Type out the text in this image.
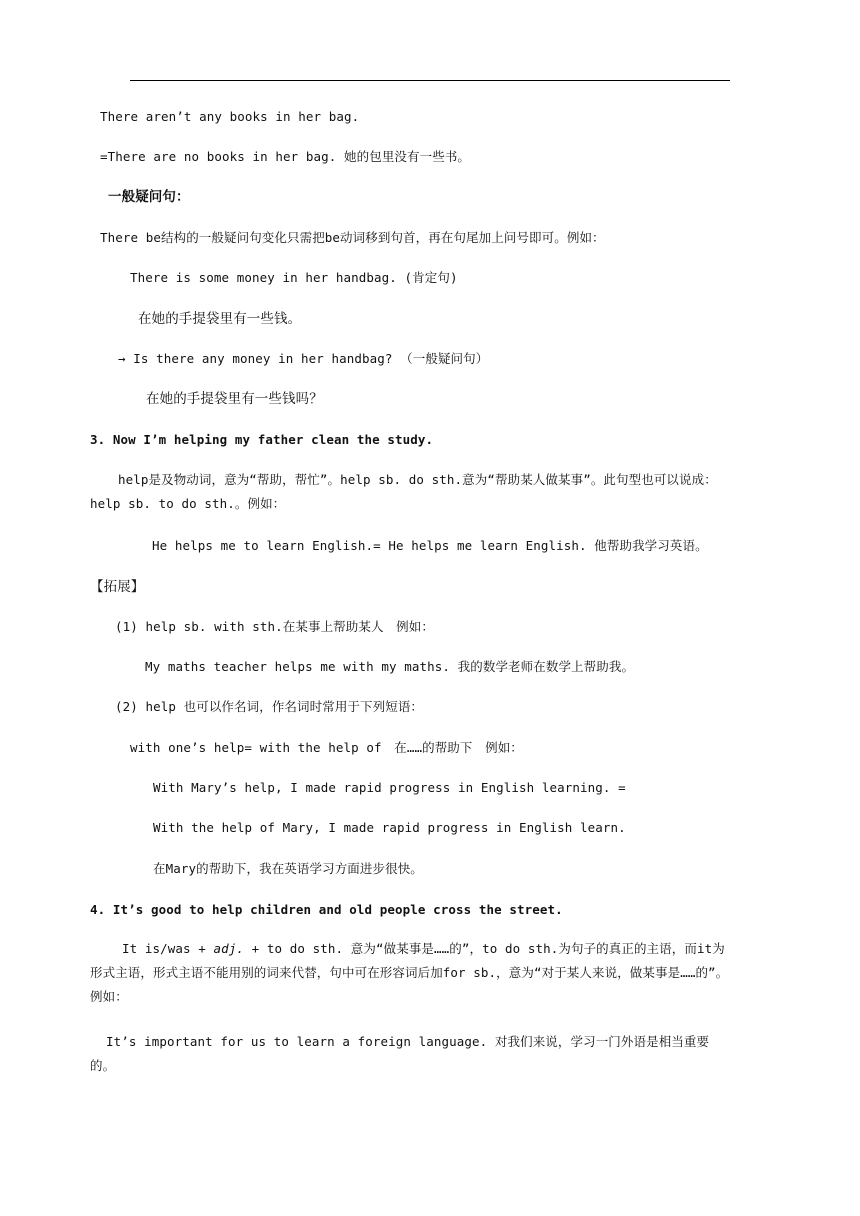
There aren’t any books in her bag.
=There are no books in her bag. 她的包里没有一些书。
一般疑问句：
There be结构的一般疑问句变化只需把be动词移到句首，再在句尾加上问号即可。例如：
There is some money in her handbag. (肯定句)
在她的手提袋里有一些钱。
→ Is there any money in her handbag? （一般疑问句）
在她的手提袋里有一些钱吗？
3. Now I’m helping my father clean the study.
help是及物动词，意为“帮助，帮忙”。help sb. do sth.意为“帮助某人做某事”。此句型也可以说成：help sb. to do sth.。例如：
He helps me to learn English.= He helps me learn English. 他帮助我学习英语。
【拓展】
(1) help sb. with sth.在某事上帮助某人　例如：
My maths teacher helps me with my maths. 我的数学老师在数学上帮助我。
(2) help 也可以作名词，作名词时常用于下列短语：
with one’s help= with the help of　在……的帮助下　例如：
With Mary’s help, I made rapid progress in English learning. =
With the help of Mary, I made rapid progress in English learn.
在Mary的帮助下，我在英语学习方面进步很快。
4. It’s good to help children and old people cross the street.
It is/was + adj. + to do sth. 意为“做某事是……的”，to do sth.为句子的真正的主语，而it为形式主语，形式主语不能用别的词来代替，句中可在形容词后加for sb.，意为“对于某人来说，做某事是……的”。例如：
It’s important for us to learn a foreign language. 对我们来说，学习一门外语是相当重要的。
